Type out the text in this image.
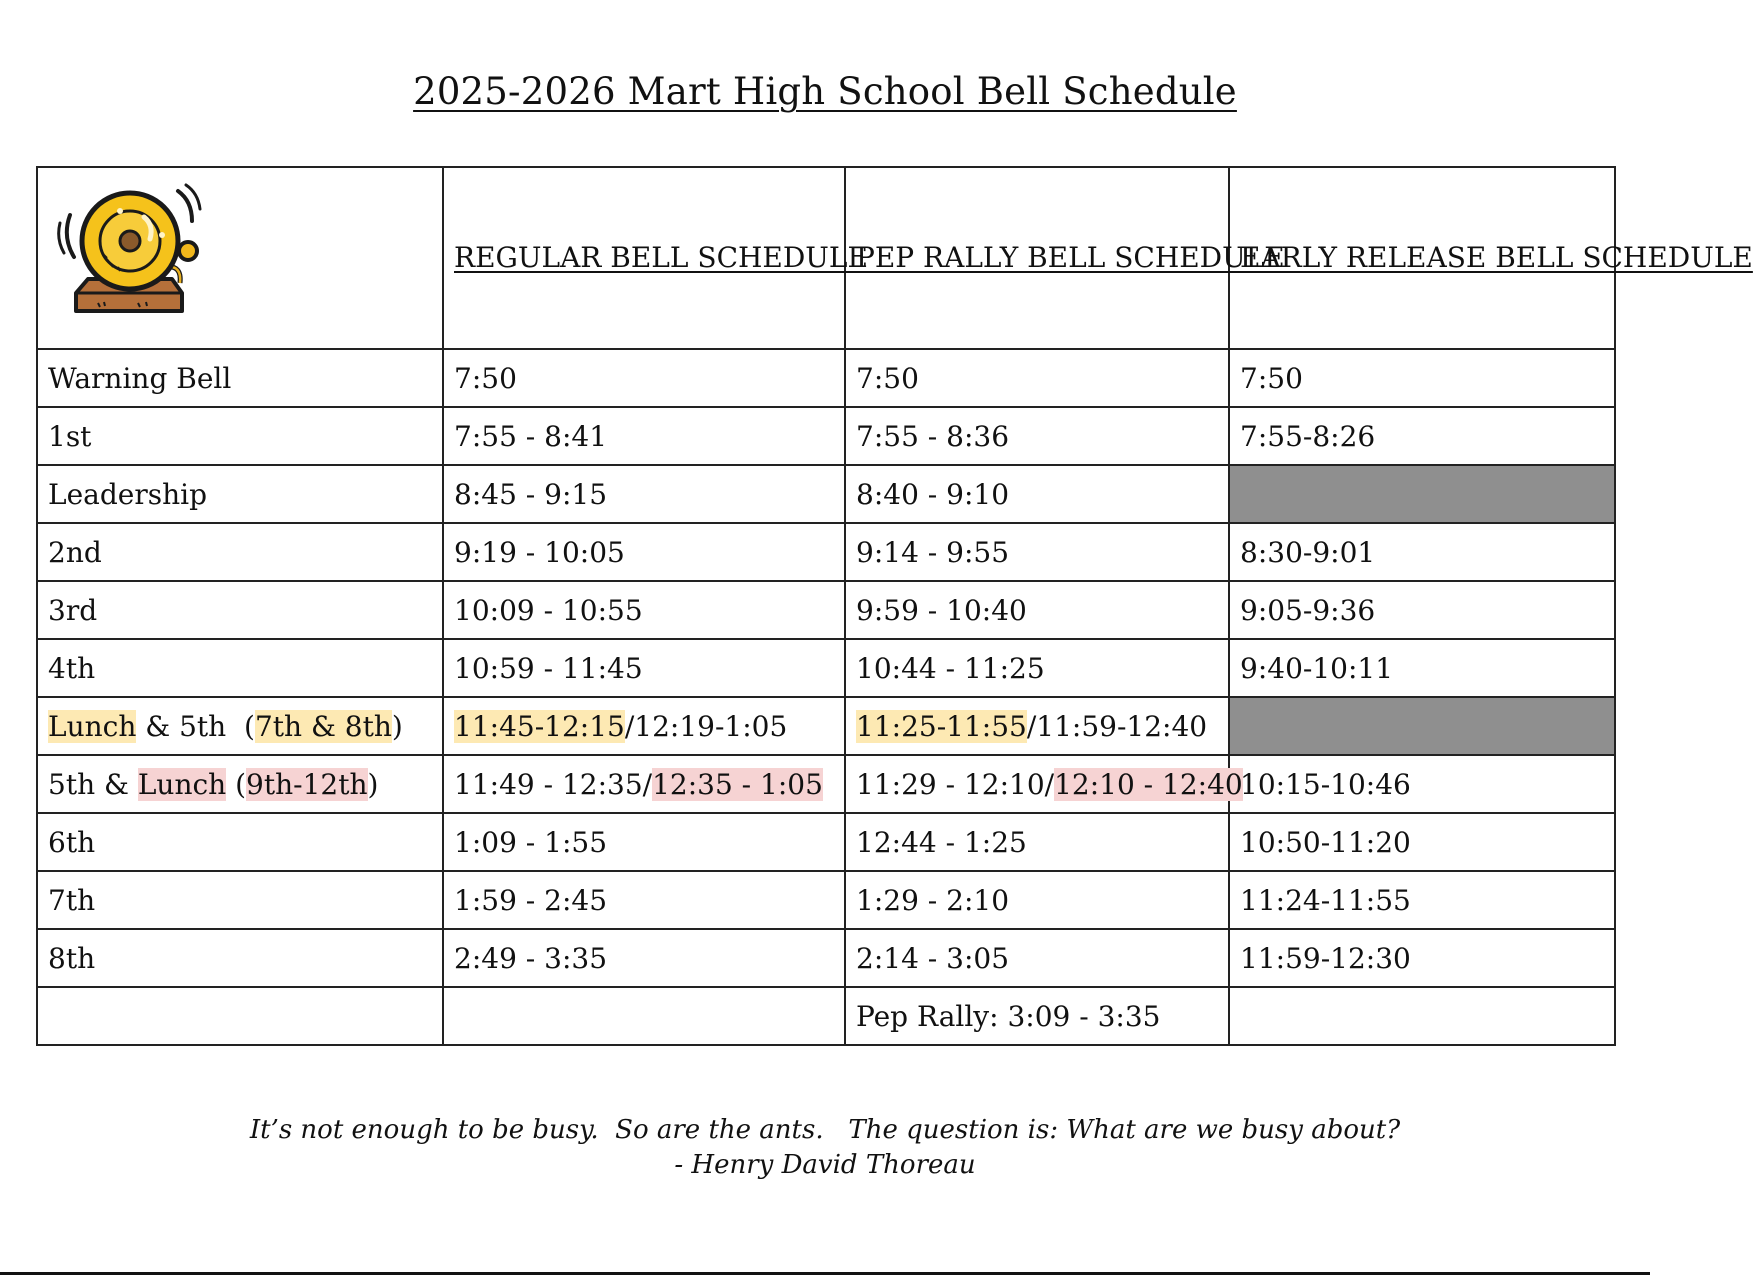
2025-2026 Mart High School Bell Schedule
	REGULAR BELL SCHEDULE	PEP RALLY BELL SCHEDULE	EARLY RELEASE BELL SCHEDULE
Warning Bell	7:50	7:50	7:50
1st	7:55 - 8:41	7:55 - 8:36	7:55-8:26
Leadership	8:45 - 9:15	8:40 - 9:10	
2nd	9:19 - 10:05	9:14 - 9:55	8:30-9:01
3rd	10:09 - 10:55	9:59 - 10:40	9:05-9:36
4th	10:59 - 11:45	10:44 - 11:25	9:40-10:11
Lunch & 5th  (7th & 8th)	11:45-12:15/12:19-1:05	11:25-11:55/11:59-12:40	
5th & Lunch (9th-12th)	11:49 - 12:35/12:35 - 1:05	11:29 - 12:10/12:10 - 12:40	10:15-10:46
6th	1:09 - 1:55	12:44 - 1:25	10:50-11:20
7th	1:59 - 2:45	1:29 - 2:10	11:24-11:55
8th	2:49 - 3:35	2:14 - 3:05	11:59-12:30
		Pep Rally: 3:09 - 3:35	
It’s not enough to be busy.  So are the ants.   The question is: What are we busy about?
- Henry David Thoreau
